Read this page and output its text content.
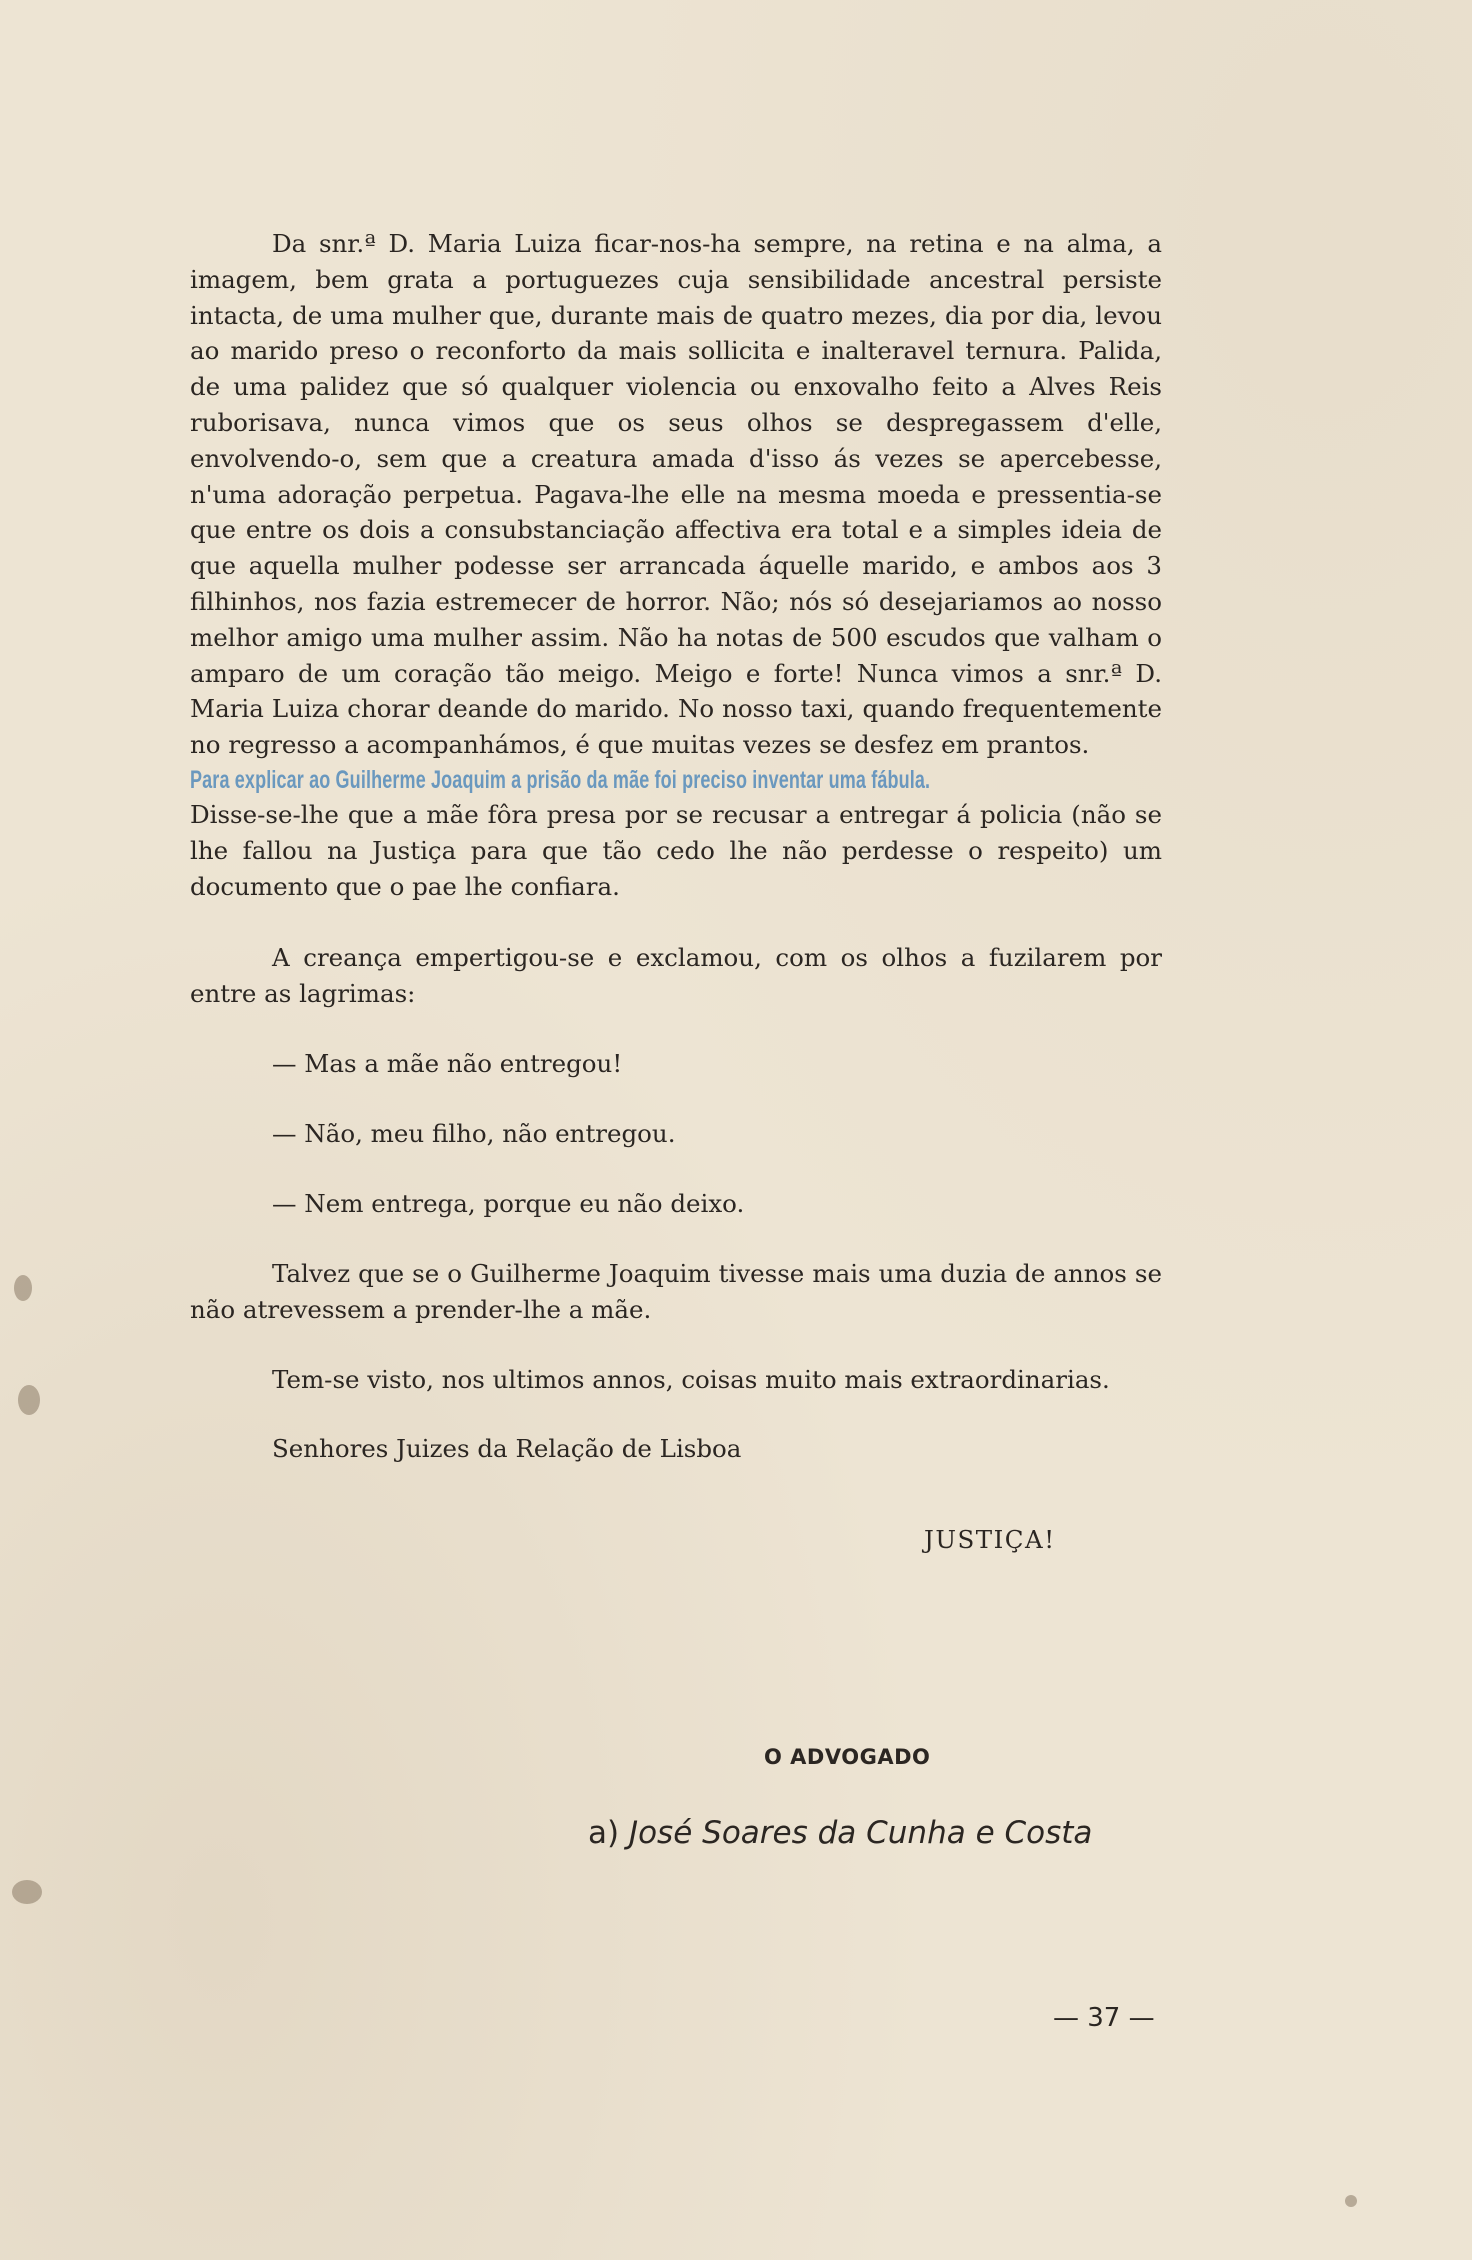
Da snr.ª D. Maria Luiza ficar-nos-ha sempre, na retina e na alma, a imagem, bem grata a portuguezes cuja sensibilidade ancestral persiste intacta, de uma mulher que, durante mais de quatro mezes, dia por dia, levou ao marido preso o reconforto da mais sollicita e inalteravel ternura. Palida, de uma palidez que só qualquer violencia ou enxovalho feito a Alves Reis ruborisava, nunca vimos que os seus olhos se despregassem d'elle, envolvendo-o, sem que a creatura amada d'isso ás vezes se apercebesse, n'uma adoração perpetua. Pagava-lhe elle na mesma moeda e pressentia-se que entre os dois a consubstanciação affectiva era total e a simples ideia de que aquella mulher podesse ser arrancada áquelle marido, e ambos aos 3 filhinhos, nos fazia estremecer de horror. Não; nós só desejariamos ao nosso melhor amigo uma mulher assim. Não ha notas de 500 escudos que valham o amparo de um coração tão meigo. Meigo e forte! Nunca vimos a snr.ª D. Maria Luiza chorar deande do marido. No nosso taxi, quando frequentemente no regresso a acompanhámos, é que muitas vezes se desfez em prantos.

Para explicar ao Guilherme Joaquim a prisão da mãe foi preciso inventar uma fábula.

Disse-se-lhe que a mãe fôra presa por se recusar a entregar á policia (não se lhe fallou na Justiça para que tão cedo lhe não perdesse o respeito) um documento que o pae lhe confiara.

A creança empertigou-se e exclamou, com os olhos a fuzilarem por entre as lagrimas:

— Mas a mãe não entregou!

— Não, meu filho, não entregou.

— Nem entrega, porque eu não deixo.

Talvez que se o Guilherme Joaquim tivesse mais uma duzia de annos se não atrevessem a prender-lhe a mãe.

Tem-se visto, nos ultimos annos, coisas muito mais extraordinarias.

Senhores Juizes da Relação de Lisboa

JUSTIÇA!
O ADVOGADO
a) José Soares da Cunha e Costa
— 37 —
